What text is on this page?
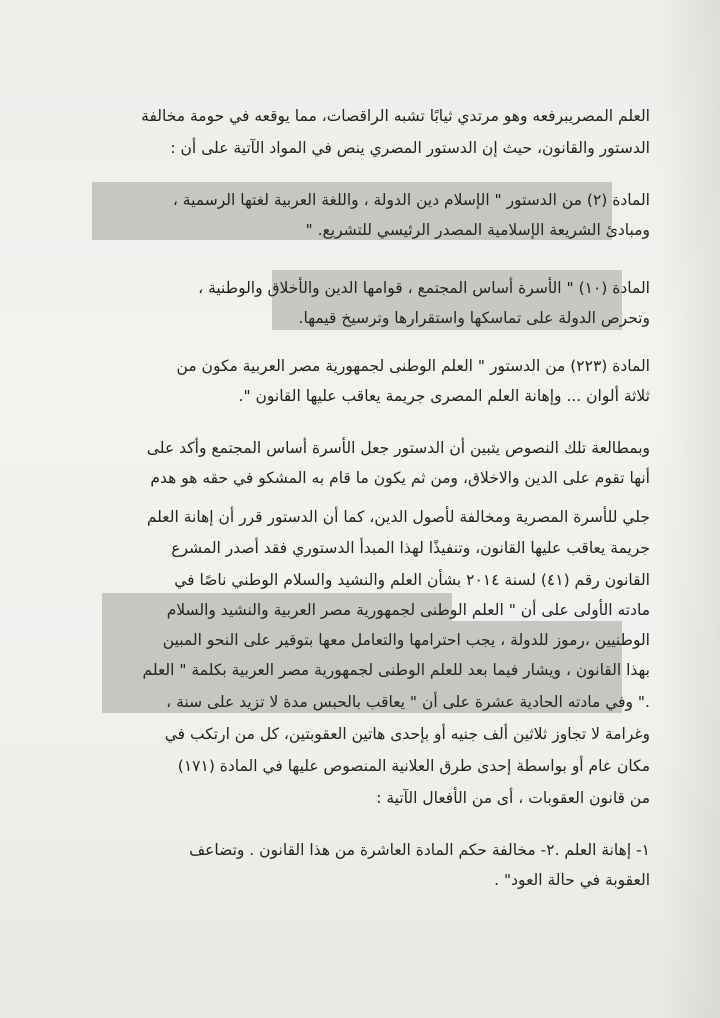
العلم المصريبرفعه وهو مرتدي ثيابًا تشبه الراقصات، مما يوقعه في حومة مخالفة
الدستور والقانون، حيث إن الدستور المصري ينص في المواد الآتية على أن :
المادة (٢) من الدستور " الإسلام دين الدولة ، واللغة العربية لغتها الرسمية ،
ومبادئ الشريعة الإسلامية المصدر الرئيسي للتشريع. "
المادة (١٠) " الأسرة أساس المجتمع ، قوامها الدين والأخلاق والوطنية ،
وتحرص الدولة على تماسكها واستقرارها وترسيخ قيمها.
المادة (٢٢٣) من الدستور " العلم الوطنى لجمهورية مصر العربية مكون من
ثلاثة ألوان ... وإهانة العلم المصرى جريمة يعاقب عليها القانون ".
وبمطالعة تلك النصوص يتبين أن الدستور جعل الأسرة أساس المجتمع وأكد على
أنها تقوم على الدين والاخلاق، ومن ثم يكون ما قام به المشكو في حقه هو هدم
جلي للأسرة المصرية ومخالفة لأصول الدين، كما أن الدستور قرر أن إهانة العلم
جريمة يعاقب عليها القانون، وتنفيذًا لهذا المبدأ الدستوري فقد أصدر المشرع
القانون رقم (٤١) لسنة ٢٠١٤ بشأن العلم والنشيد والسلام الوطني ناصًا في
مادته الأولى على أن " العلم الوطنى لجمهورية مصر العربية والنشيد والسلام
الوطنيين ،رموز للدولة ، يجب احترامها والتعامل معها بتوقير على النحو المبين
بهذا القانون ، ويشار فيما بعد للعلم الوطنى لجمهورية مصر العربية بكلمة " العلم
." وفي مادته الحادية عشرة على أن " يعاقب بالحبس مدة لا تزيد على سنة ،
وغرامة لا تجاوز ثلاثين ألف جنيه أو بإحدى هاتين العقوبتين، كل من ارتكب في
مكان عام أو بواسطة إحدى طرق العلانية المنصوص عليها في المادة (١٧١)
من قانون العقوبات ، أى من الأفعال الآتية :
١- إهانة العلم .٢- مخالفة حكم المادة العاشرة من هذا القانون . وتضاعف
العقوبة في حالة العود" .
